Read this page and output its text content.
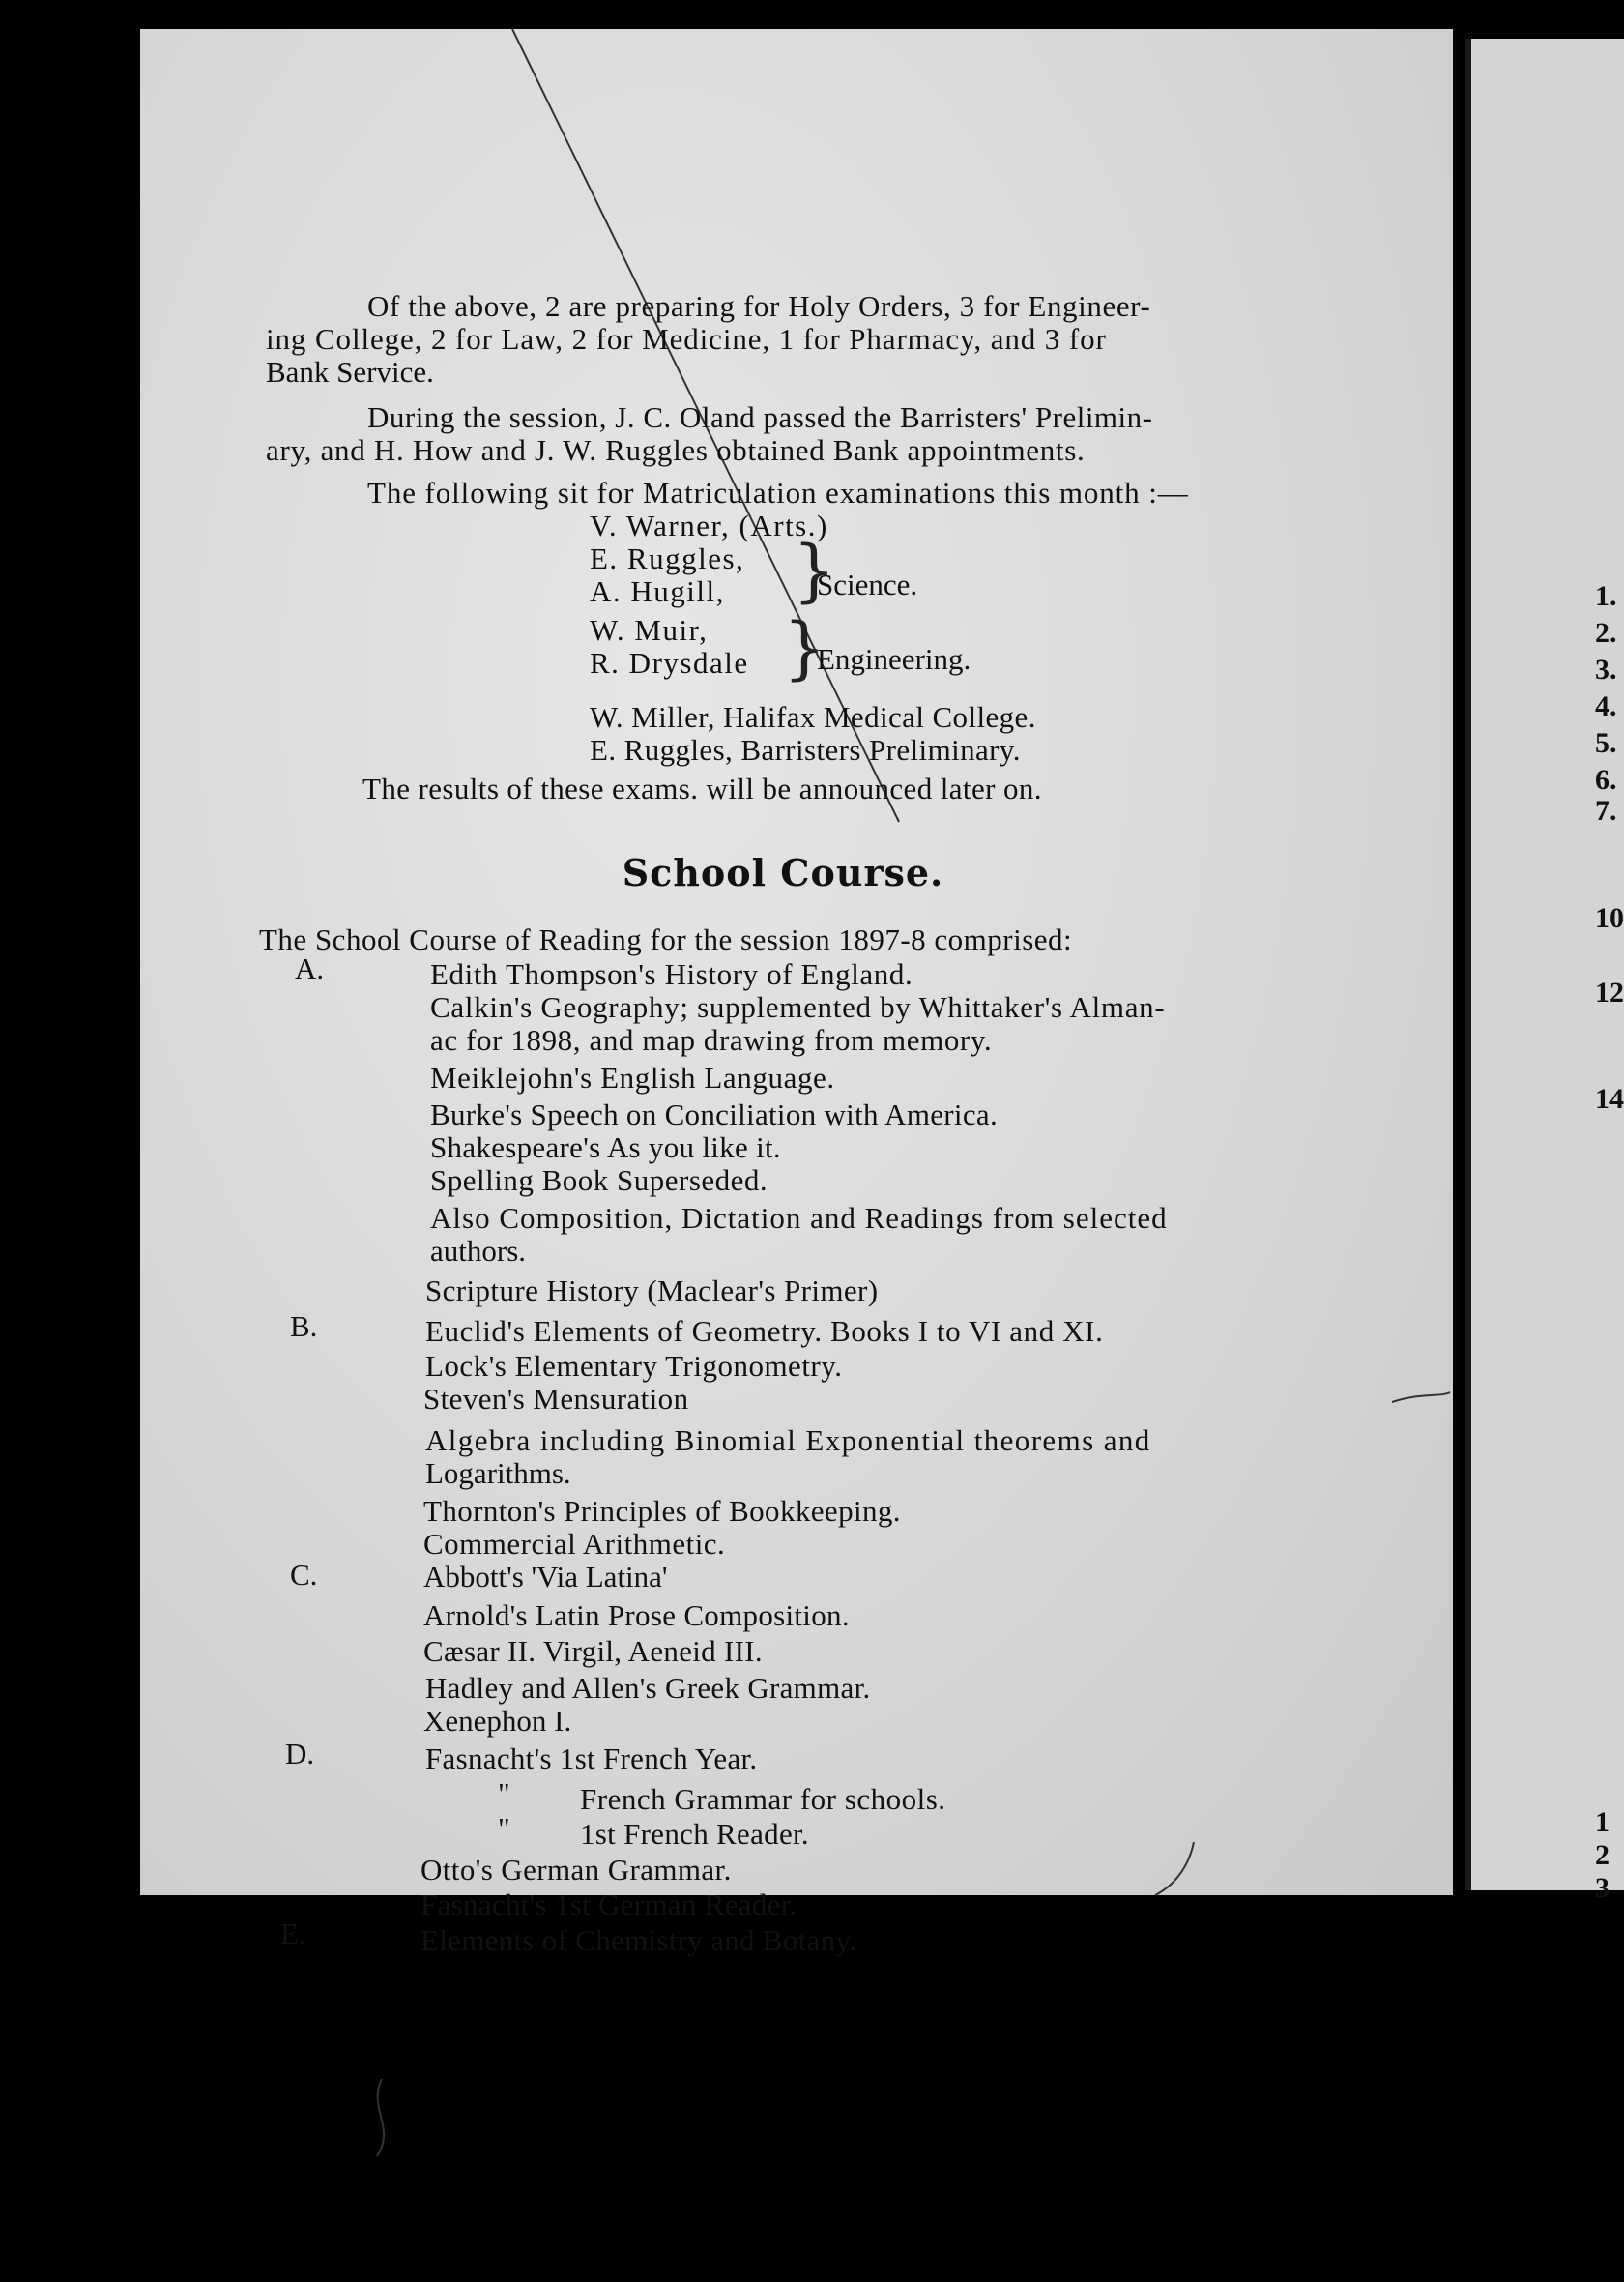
Of the above, 2 are preparing for Holy Orders, 3 for Engineer-
ing College, 2 for Law, 2 for Medicine, 1 for Pharmacy, and 3 for
Bank Service.
During the session, J. C. Oland passed the Barristers' Prelimin-
ary, and H. How and J. W. Ruggles obtained Bank appointments.
The following sit for Matriculation examinations this month :—
V. Warner, (Arts.)
E. Ruggles,
A. Hugill, }
Science.
W. Muir,
R. Drysdale }
Engineering.
W. Miller, Halifax Medical College.
E. Ruggles, Barristers Preliminary.
The results of these exams. will be announced later on.
School Course.
The School Course of Reading for the session 1897-8 comprised:
A.
B.
C.
D.
E.
Edith Thompson's History of England.
Calkin's Geography; supplemented by Whittaker's Alman-
ac for 1898, and map drawing from memory.
Meiklejohn's English Language.
Burke's Speech on Conciliation with America.
Shakespeare's As you like it.
Spelling Book Superseded.
Also Composition, Dictation and Readings from selected
authors.
Scripture History (Maclear's Primer)
Euclid's Elements of Geometry. Books I to VI and XI.
Lock's Elementary Trigonometry.
Steven's Mensuration
Algebra including Binomial Exponential theorems and
Logarithms.
Thornton's Principles of Bookkeeping.
Commercial Arithmetic.
Abbott's 'Via Latina'
Arnold's Latin Prose Composition.
Cæsar II. Virgil, Aeneid III.
Hadley and Allen's Greek Grammar.
Xenephon I.
Fasnacht's 1st French Year.
" French Grammar for schools.
" 1st French Reader.
Otto's German Grammar.
Fasnacht's 1st German Reader.
Elements of Chemistry and Botany.
1.
2.
3.
4.
5.
6.
7.
10
12
14
1
2
3
